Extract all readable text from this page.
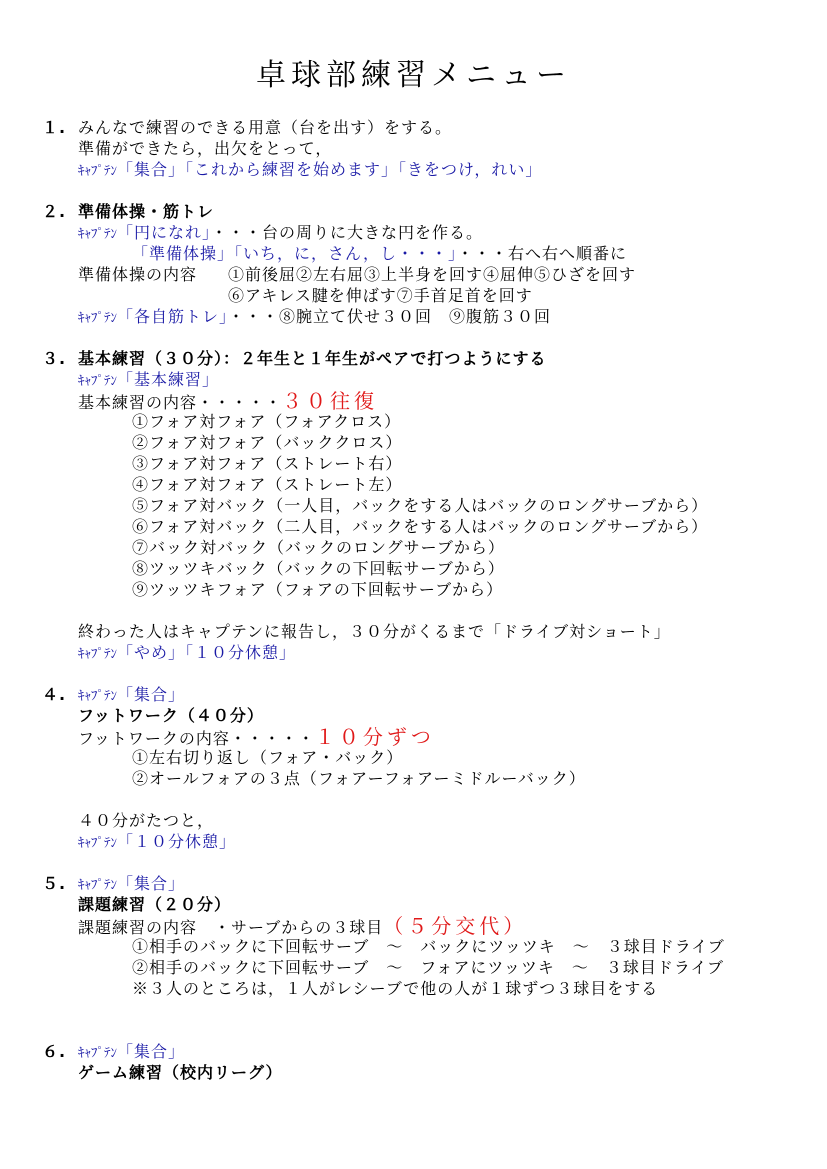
卓球部練習メニュー
１. みんなで練習のできる用意（台を出す）をする。
準備ができたら，出欠をとって，
ｷｬﾌﾟﾃﾝ「集合」「これから練習を始めます」「きをつけ，れい」
２. 準備体操・筋トレ
ｷｬﾌﾟﾃﾝ「円になれ」・・・台の周りに大きな円を作る。
「準備体操」「いち，に，さん，し・・・」・・・右へ右へ順番に
準備体操の内容 ①前後屈②左右屈③上半身を回す④屈伸⑤ひざを回す
⑥アキレス腱を伸ばす⑦手首足首を回す
ｷｬﾌﾟﾃﾝ「各自筋トレ」・・・⑧腕立て伏せ３０回　⑨腹筋３０回
３. 基本練習（３０分）：２年生と１年生がペアで打つようにする
ｷｬﾌﾟﾃﾝ「基本練習」
基本練習の内容・・・・・３０往復
①フォア対フォア（フォアクロス）
②フォア対フォア（バッククロス）
③フォア対フォア（ストレート右）
④フォア対フォア（ストレート左）
⑤フォア対バック（一人目，バックをする人はバックのロングサーブから）
⑥フォア対バック（二人目，バックをする人はバックのロングサーブから）
⑦バック対バック（バックのロングサーブから）
⑧ツッツキバック（バックの下回転サーブから）
⑨ツッツキフォア（フォアの下回転サーブから）
終わった人はキャプテンに報告し，３０分がくるまで「ドライブ対ショート」
ｷｬﾌﾟﾃﾝ「やめ」「１０分休憩」
４. ｷｬﾌﾟﾃﾝ「集合」
フットワーク（４０分）
フットワークの内容・・・・・１０分ずつ
①左右切り返し（フォア・バック）
②オールフォアの３点（フォアーフォアーミドルーバック）
４０分がたつと，
ｷｬﾌﾟﾃﾝ「１０分休憩」
５. ｷｬﾌﾟﾃﾝ「集合」
課題練習（２０分）
課題練習の内容　・サーブからの３球目（５分交代）
①相手のバックに下回転サーブ　～　バックにツッツキ　～　３球目ドライブ
②相手のバックに下回転サーブ　～　フォアにツッツキ　～　３球目ドライブ
※３人のところは，１人がレシーブで他の人が１球ずつ３球目をする
６. ｷｬﾌﾟﾃﾝ「集合」
ゲーム練習（校内リーグ）
